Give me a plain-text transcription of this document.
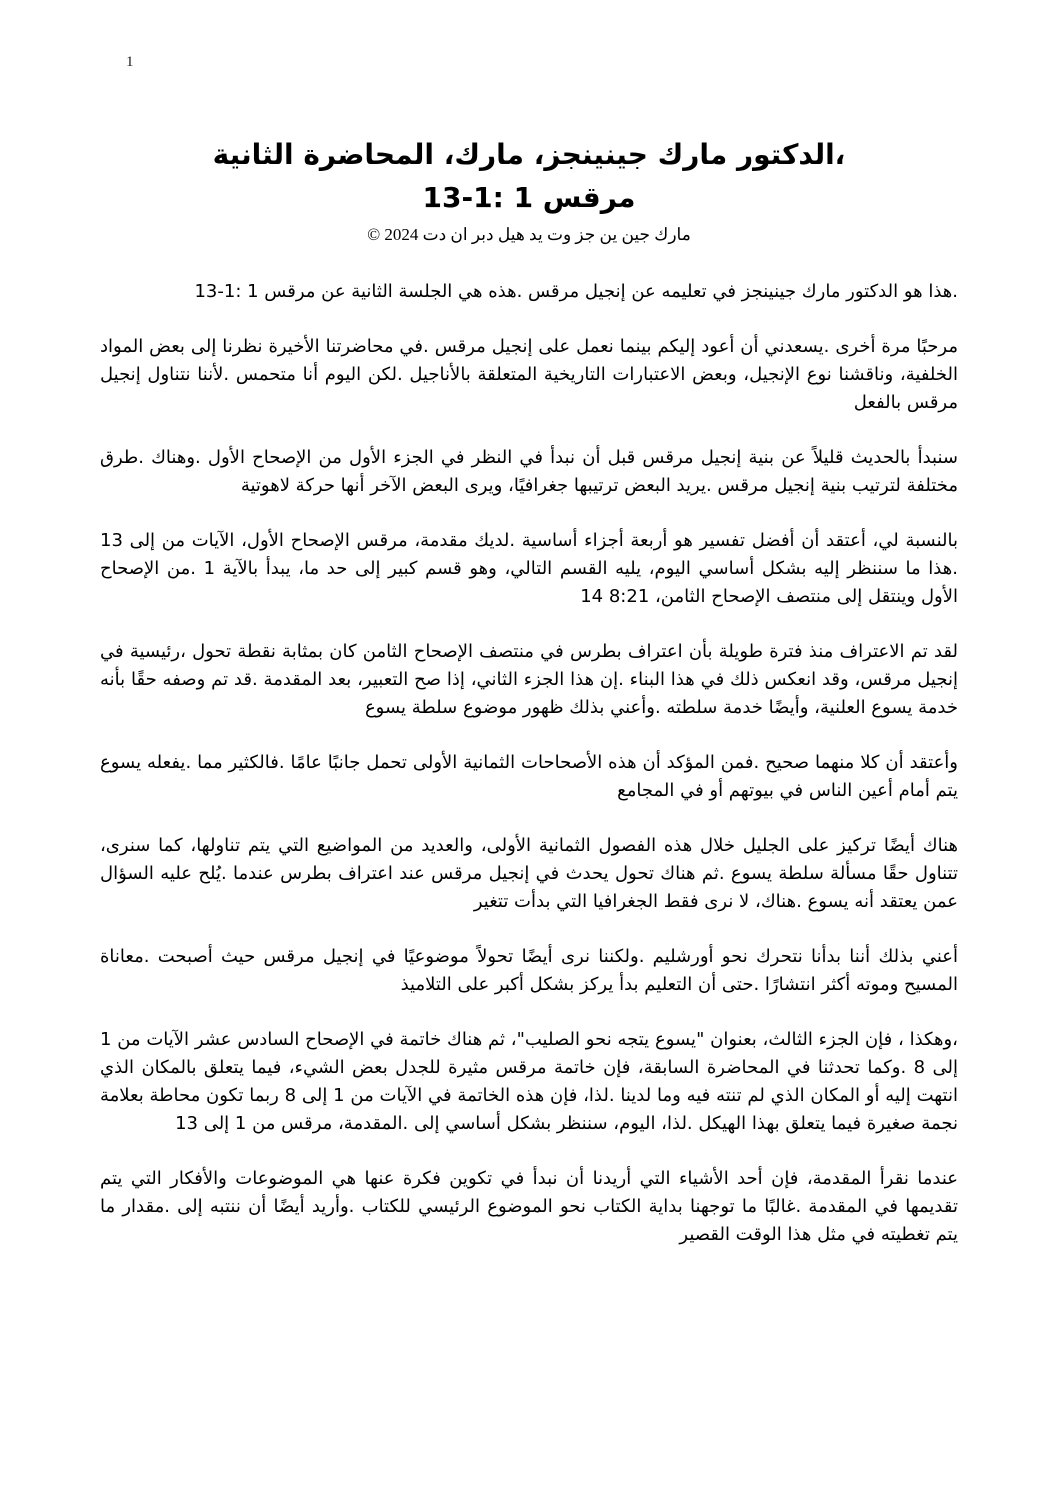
1
،الدكتور مارك جينينجز، مارك، المحاضرة الثانية
مرقس 1 :1-13
مارك جين ين جز وت يد هيل دبر ان دت 2024 ©

.هذا هو الدكتور مارك جينينجز في تعليمه عن إنجيل مرقس .هذه هي الجلسة الثانية عن مرقس 1 :1-13

مرحبًا مرة أخرى .يسعدني أن أعود إليكم بينما نعمل على إنجيل مرقس .في محاضرتنا الأخيرة نظرنا إلى بعض المواد الخلفية، وناقشنا نوع الإنجيل، وبعض الاعتبارات التاريخية المتعلقة بالأناجيل .لكن اليوم أنا متحمس .لأننا نتناول إنجيل مرقس بالفعل

سنبدأ بالحديث قليلاً عن بنية إنجيل مرقس قبل أن نبدأ في النظر في الجزء الأول من الإصحاح الأول .وهناك .طرق مختلفة لترتيب بنية إنجيل مرقس .يريد البعض ترتيبها جغرافيًا، ويرى البعض الآخر أنها حركة لاهوتية

بالنسبة لي، أعتقد أن أفضل تفسير هو أربعة أجزاء أساسية .لديك مقدمة، مرقس الإصحاح الأول، الآيات من إلى 13 .هذا ما سننظر إليه بشكل أساسي اليوم، يليه القسم التالي، وهو قسم كبير إلى حد ما، يبدأ بالآية 1 .من الإصحاح الأول وينتقل إلى منتصف الإصحاح الثامن، 8:21 14

لقد تم الاعتراف منذ فترة طويلة بأن اعتراف بطرس في منتصف الإصحاح الثامن كان بمثابة نقطة تحول ،رئيسية في إنجيل مرقس، وقد انعكس ذلك في هذا البناء .إن هذا الجزء الثاني، إذا صح التعبير، بعد المقدمة .قد تم وصفه حقًا بأنه خدمة يسوع العلنية، وأيضًا خدمة سلطته .وأعني بذلك ظهور موضوع سلطة يسوع

وأعتقد أن كلا منهما صحيح .فمن المؤكد أن هذه الأصحاحات الثمانية الأولى تحمل جانبًا عامًا .فالكثير مما .يفعله يسوع يتم أمام أعين الناس في بيوتهم أو في المجامع

هناك أيضًا تركيز على الجليل خلال هذه الفصول الثمانية الأولى، والعديد من المواضيع التي يتم تناولها، كما سنرى، تتناول حقًا مسألة سلطة يسوع .ثم هناك تحول يحدث في إنجيل مرقس عند اعتراف بطرس عندما .يُلح عليه السؤال عمن يعتقد أنه يسوع .هناك، لا نرى فقط الجغرافيا التي بدأت تتغير

أعني بذلك أننا بدأنا نتحرك نحو أورشليم .ولكننا نرى أيضًا تحولاً موضوعيًا في إنجيل مرقس حيث أصبحت .معاناة المسيح وموته أكثر انتشارًا .حتى أن التعليم بدأ يركز بشكل أكبر على التلاميذ

،وهكذا ، فإن الجزء الثالث، بعنوان "يسوع يتجه نحو الصليب"، ثم هناك خاتمة في الإصحاح السادس عشر الآيات من 1 إلى 8 .وكما تحدثنا في المحاضرة السابقة، فإن خاتمة مرقس مثيرة للجدل بعض الشيء، فيما يتعلق بالمكان الذي انتهت إليه أو المكان الذي لم تنته فيه وما لدينا .لذا، فإن هذه الخاتمة في الآيات من 1 إلى 8 ربما تكون محاطة بعلامة نجمة صغيرة فيما يتعلق بهذا الهيكل .لذا، اليوم، سننظر بشكل أساسي إلى .المقدمة، مرقس من 1 إلى 13

عندما نقرأ المقدمة، فإن أحد الأشياء التي أريدنا أن نبدأ في تكوين فكرة عنها هي الموضوعات والأفكار التي يتم تقديمها في المقدمة .غالبًا ما توجهنا بداية الكتاب نحو الموضوع الرئيسي للكتاب .وأريد أيضًا أن ننتبه إلى .مقدار ما يتم تغطيته في مثل هذا الوقت القصير
